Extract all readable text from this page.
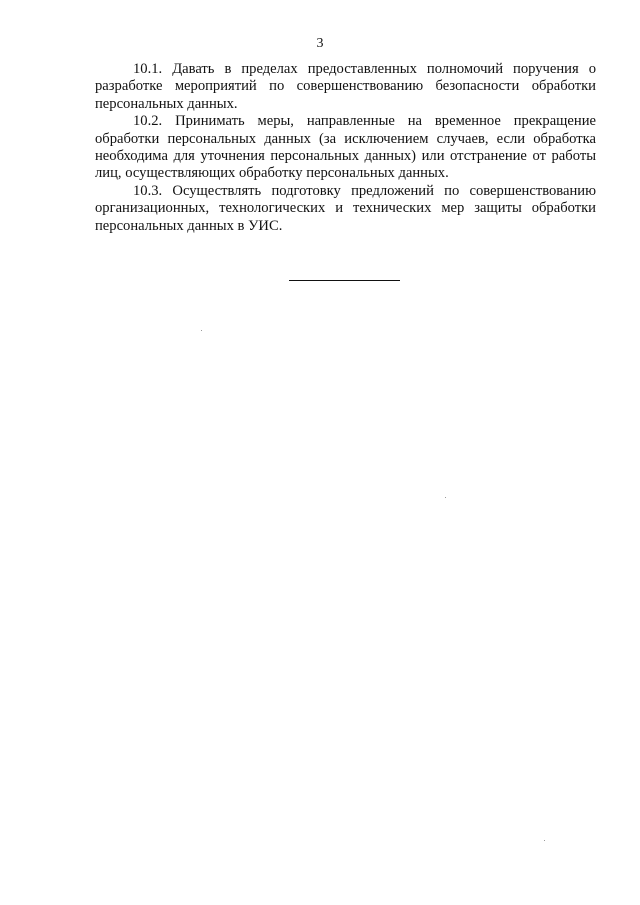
3

10.1. Давать в пределах предоставленных полномочий поручения о разработке мероприятий по совершенствованию безопасности обработки персональных данных.

10.2. Принимать меры, направленные на временное прекращение обработки персональных данных (за исключением случаев, если обработка необходима для уточнения персональных данных) или отстранение от работы лиц, осуществляющих обработку персональных данных.

10.3. Осуществлять подготовку предложений по совершенствованию организационных, технологических и технических мер защиты обработки персональных данных в УИС.
